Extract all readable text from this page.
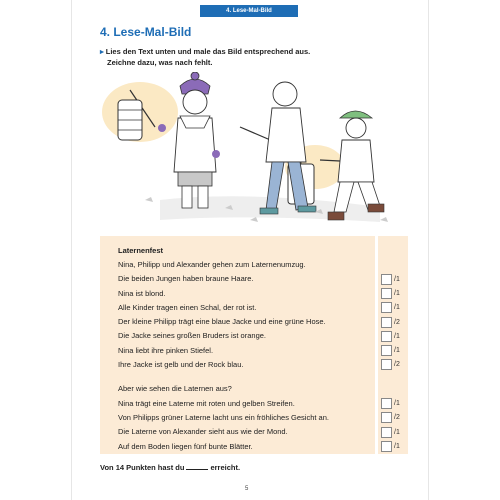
4. Lese-Mal-Bild
4. Lese-Mal-Bild
▸ Lies den Text unten und male das Bild entsprechend aus.
Zeichne dazu, was nach fehlt.
Laternenfest
Nina, Philipp und Alexander gehen zum Laternenumzug.
Die beiden Jungen haben braune Haare.
Nina ist blond.
Alle Kinder tragen einen Schal, der rot ist.
Der kleine Philipp trägt eine blaue Jacke und eine grüne Hose.
Die Jacke seines großen Bruders ist orange.
Nina liebt ihre pinken Stiefel.
Ihre Jacke ist gelb und der Rock blau.
Aber wie sehen die Laternen aus?
Nina trägt eine Laterne mit roten und gelben Streifen.
Von Philipps grüner Laterne lacht uns ein fröhliches Gesicht an.
Die Laterne von Alexander sieht aus wie der Mond.
Auf dem Boden liegen fünf bunte Blätter.
/1
/1
/1
/2
/1
/1
/2
/1
/2
/1
/1
Von 14 Punkten hast du	erreicht.
5
